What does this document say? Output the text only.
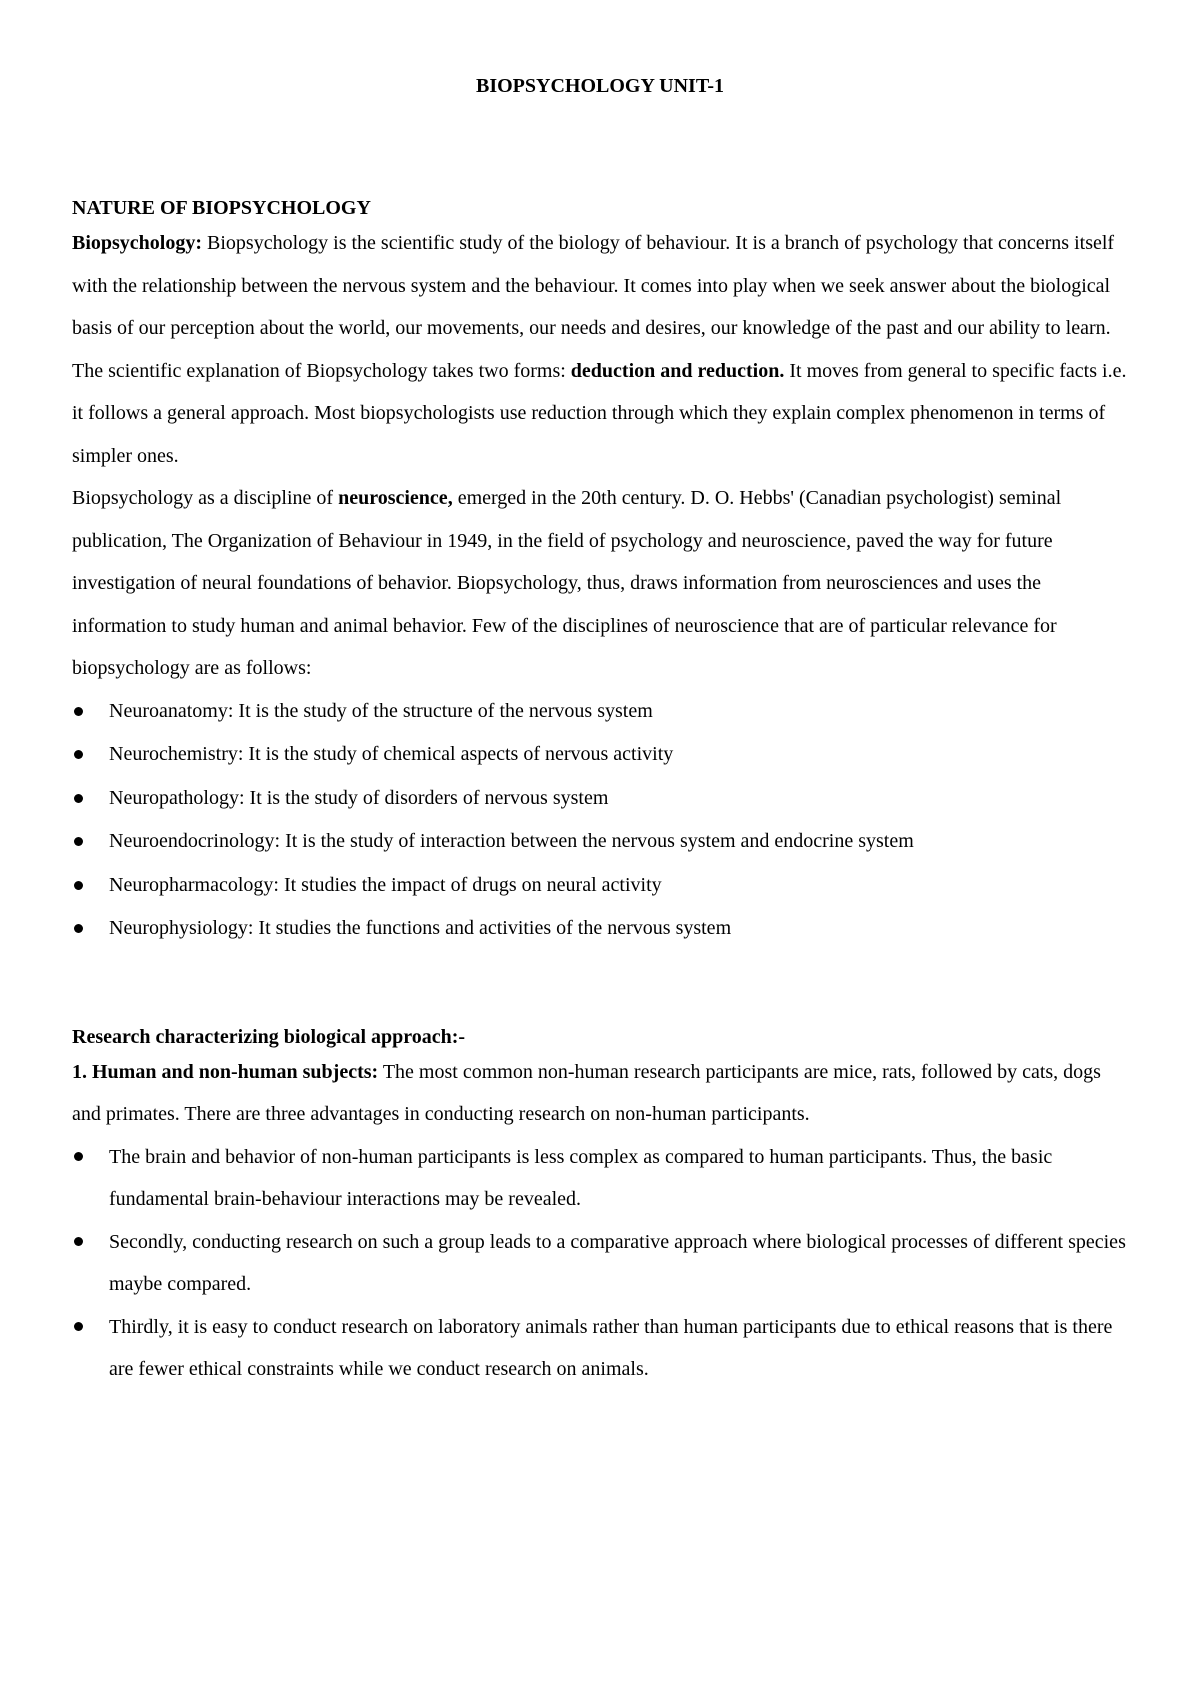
BIOPSYCHOLOGY UNIT-1
NATURE OF BIOPSYCHOLOGY

Biopsychology: Biopsychology is the scientific study of the biology of behaviour. It is a branch of psychology that concerns itself with the relationship between the nervous system and the behaviour. It comes into play when we seek answer about the biological basis of our perception about the world, our movements, our needs and desires, our knowledge of the past and our ability to learn.

The scientific explanation of Biopsychology takes two forms: deduction and reduction. It moves from general to specific facts i.e. it follows a general approach. Most biopsychologists use reduction through which they explain complex phenomenon in terms of simpler ones.

Biopsychology as a discipline of neuroscience, emerged in the 20th century. D. O. Hebbs' (Canadian psychologist) seminal publication, The Organization of Behaviour in 1949, in the field of psychology and neuroscience, paved the way for future investigation of neural foundations of behavior. Biopsychology, thus, draws information from neurosciences and uses the information to study human and animal behavior. Few of the disciplines of neuroscience that are of particular relevance for biopsychology are as follows:

Neuroanatomy: It is the study of the structure of the nervous system
Neurochemistry: It is the study of chemical aspects of nervous activity
Neuropathology: It is the study of disorders of nervous system
Neuroendocrinology: It is the study of interaction between the nervous system and endocrine system
Neuropharmacology: It studies the impact of drugs on neural activity
Neurophysiology: It studies the functions and activities of the nervous system
Research characterizing biological approach:-

1. Human and non-human subjects: The most common non-human research participants are mice, rats, followed by cats, dogs and primates. There are three advantages in conducting research on non-human participants.

The brain and behavior of non-human participants is less complex as compared to human participants. Thus, the basic fundamental brain-behaviour interactions may be revealed.
Secondly, conducting research on such a group leads to a comparative approach where biological processes of different species maybe compared.
Thirdly, it is easy to conduct research on laboratory animals rather than human participants due to ethical reasons that is there are fewer ethical constraints while we conduct research on animals.
